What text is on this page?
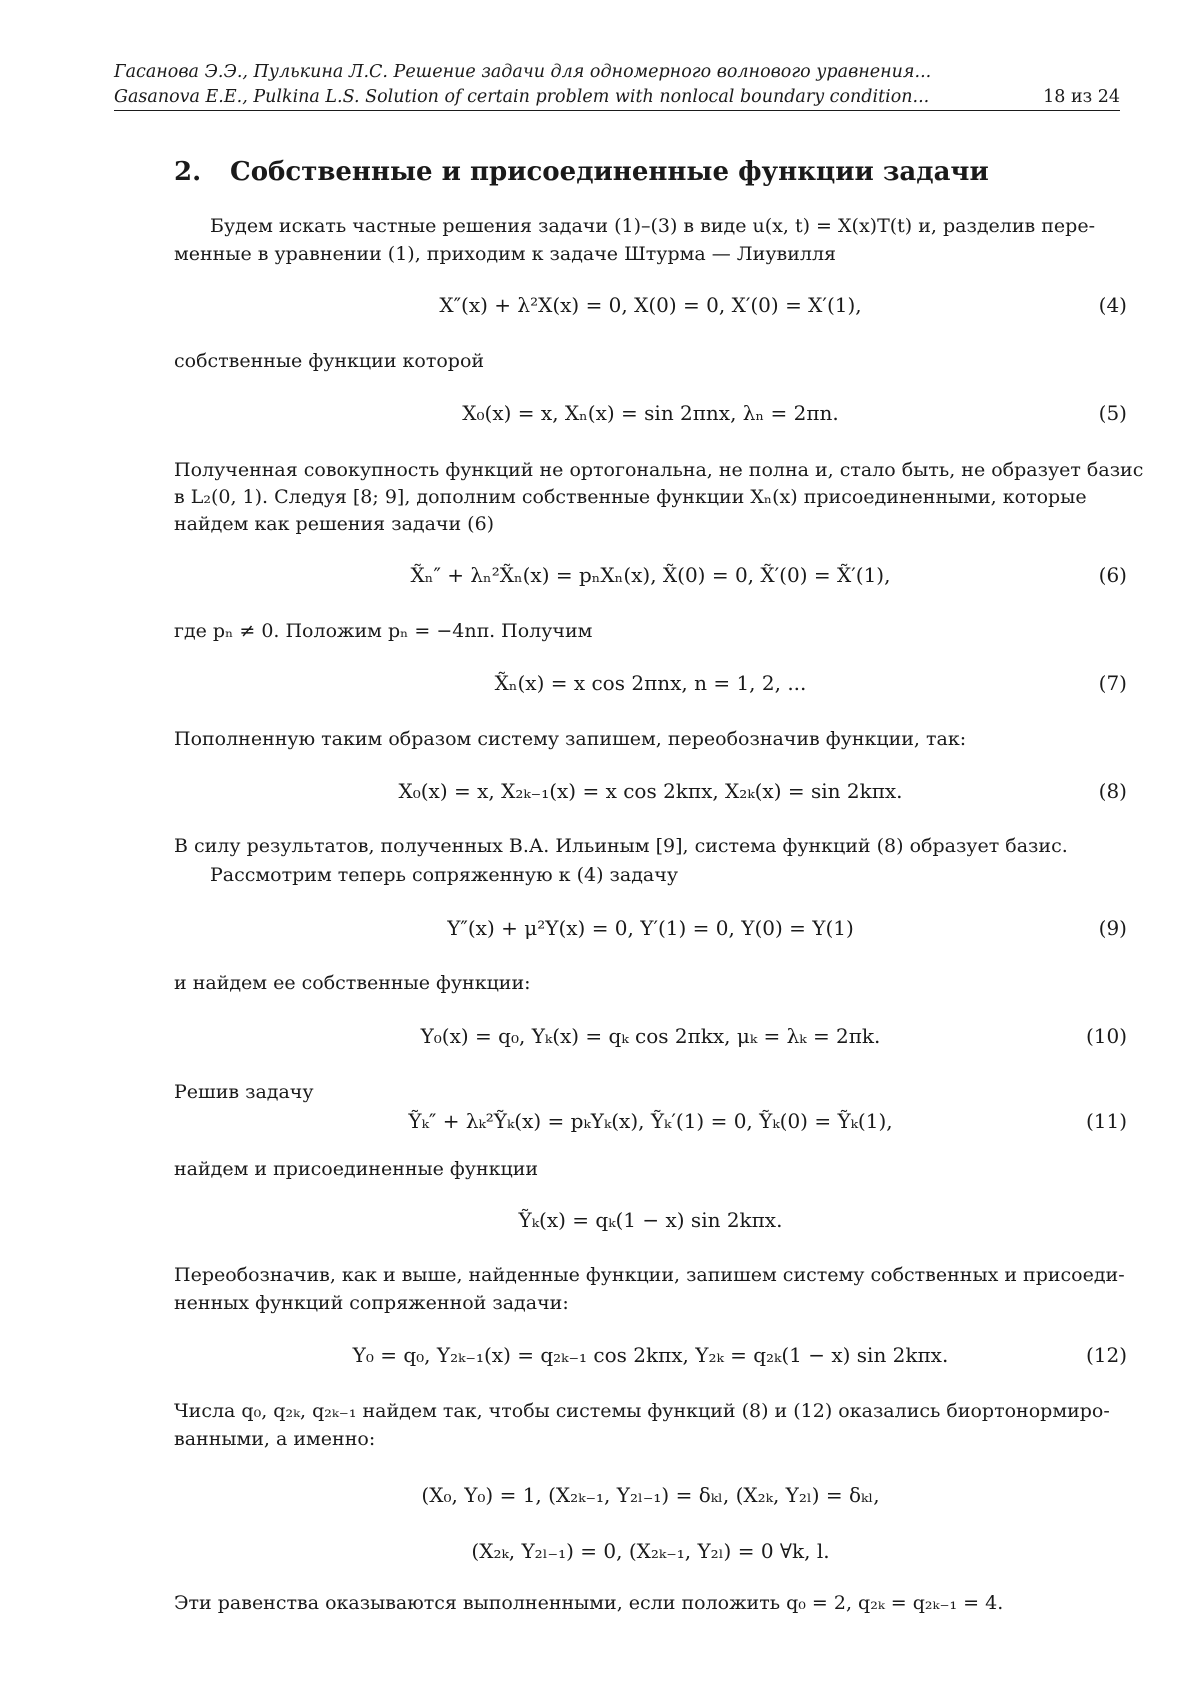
Гасанова Э.Э., Пулькина Л.С. Решение задачи для одномерного волнового уравнения...
Gasanova E.E., Pulkina L.S. Solution of certain problem with nonlocal boundary condition...	18 из 24
2. Собственные и присоединенные функции задачи
Будем искать частные решения задачи (1)–(3) в виде u(x, t) = X(x)T(t) и, разделив пере-
менные в уравнении (1), приходим к задаче Штурма — Лиувилля
X″(x) + λ²X(x) = 0, X(0) = 0, X′(0) = X′(1),	(4)
собственные функции которой
X₀(x) = x, Xₙ(x) = sin 2πnx, λₙ = 2πn.	(5)
Полученная совокупность функций не ортогональна, не полна и, стало быть, не образует базис
в L₂(0, 1). Следуя [8; 9], дополним собственные функции Xₙ(x) присоединенными, которые
найдем как решения задачи (6)
X̃ₙ″ + λₙ²X̃ₙ(x) = pₙXₙ(x), X̃(0) = 0, X̃′(0) = X̃′(1),	(6)
где pₙ ≠ 0. Положим pₙ = −4nπ. Получим
X̃ₙ(x) = x cos 2πnx, n = 1, 2, ...	(7)
Пополненную таким образом систему запишем, переобозначив функции, так:
X₀(x) = x, X₂ₖ₋₁(x) = x cos 2kπx, X₂ₖ(x) = sin 2kπx.	(8)
В силу результатов, полученных В.А. Ильиным [9], система функций (8) образует базис.
Рассмотрим теперь сопряженную к (4) задачу
Y″(x) + μ²Y(x) = 0, Y′(1) = 0, Y(0) = Y(1)	(9)
и найдем ее собственные функции:
Y₀(x) = q₀, Yₖ(x) = qₖ cos 2πkx, μₖ = λₖ = 2πk.	(10)
Решив задачу
Ỹₖ″ + λₖ²Ỹₖ(x) = pₖYₖ(x), Ỹₖ′(1) = 0, Ỹₖ(0) = Ỹₖ(1),	(11)
найдем и присоединенные функции
Ỹₖ(x) = qₖ(1 − x) sin 2kπx.
Переобозначив, как и выше, найденные функции, запишем систему собственных и присоеди-
ненных функций сопряженной задачи:
Y₀ = q₀, Y₂ₖ₋₁(x) = q₂ₖ₋₁ cos 2kπx, Y₂ₖ = q₂ₖ(1 − x) sin 2kπx.	(12)
Числа q₀, q₂ₖ, q₂ₖ₋₁ найдем так, чтобы системы функций (8) и (12) оказались биортонормиро-
ванными, а именно:
(X₀, Y₀) = 1, (X₂ₖ₋₁, Y₂ₗ₋₁) = δₖₗ, (X₂ₖ, Y₂ₗ) = δₖₗ,
(X₂ₖ, Y₂ₗ₋₁) = 0, (X₂ₖ₋₁, Y₂ₗ) = 0 ∀k, l.
Эти равенства оказываются выполненными, если положить q₀ = 2, q₂ₖ = q₂ₖ₋₁ = 4.
